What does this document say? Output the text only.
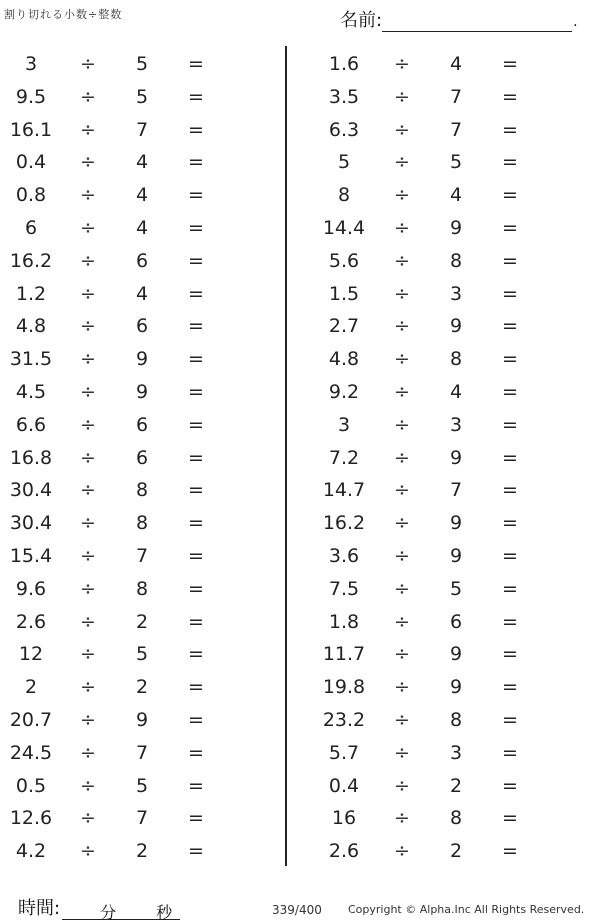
割り切れる小数÷整数	名前:	.
3	÷	5	=
9.5	÷	5	=
16.1	÷	7	=
0.4	÷	4	=
0.8	÷	4	=
6	÷	4	=
16.2	÷	6	=
1.2	÷	4	=
4.8	÷	6	=
31.5	÷	9	=
4.5	÷	9	=
6.6	÷	6	=
16.8	÷	6	=
30.4	÷	8	=
30.4	÷	8	=
15.4	÷	7	=
9.6	÷	8	=
2.6	÷	2	=
12	÷	5	=
2	÷	2	=
20.7	÷	9	=
24.5	÷	7	=
0.5	÷	5	=
12.6	÷	7	=
4.2	÷	2	=
1.6	÷	4	=
3.5	÷	7	=
6.3	÷	7	=
5	÷	5	=
8	÷	4	=
14.4	÷	9	=
5.6	÷	8	=
1.5	÷	3	=
2.7	÷	9	=
4.8	÷	8	=
9.2	÷	4	=
3	÷	3	=
7.2	÷	9	=
14.7	÷	7	=
16.2	÷	9	=
3.6	÷	9	=
7.5	÷	5	=
1.8	÷	6	=
11.7	÷	9	=
19.8	÷	9	=
23.2	÷	8	=
5.7	÷	3	=
0.4	÷	2	=
16	÷	8	=
2.6	÷	2	=
時間:	分 秒	339/400 Copyright © Alpha.Inc All Rights Reserved.
